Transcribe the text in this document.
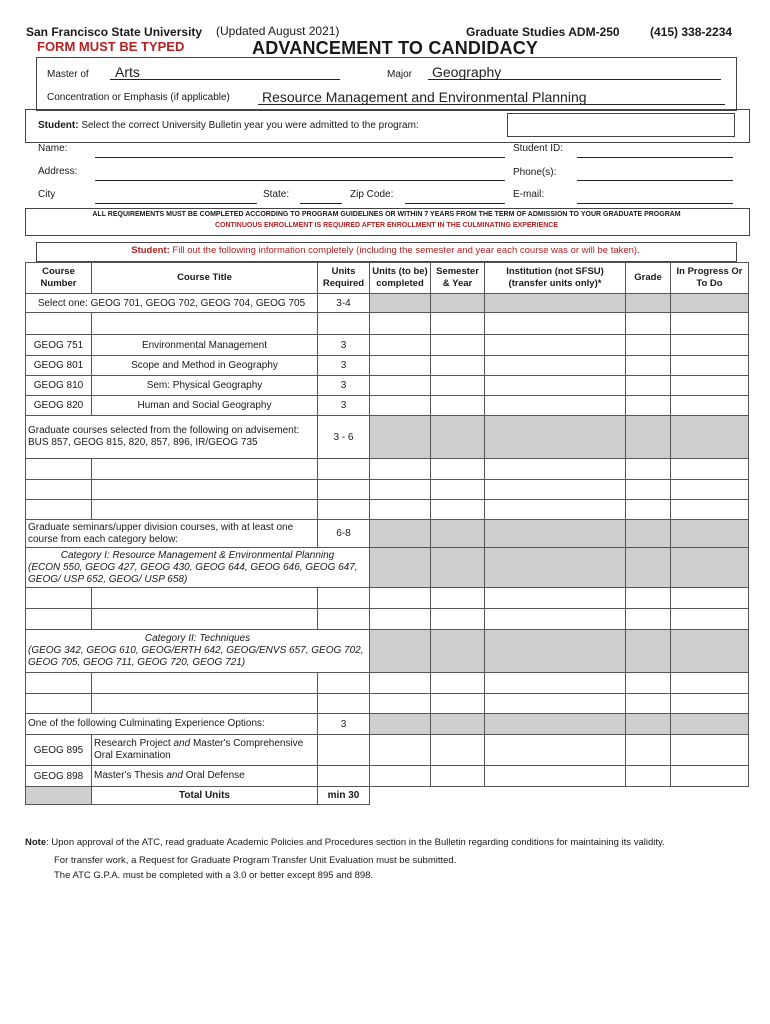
San Francisco State University (Updated August 2021)	Graduate Studies ADM-250	(415) 338-2234
FORM MUST BE TYPED	ADVANCEMENT TO CANDIDACY
Master of Arts	Major Geography
Concentration or Emphasis (if applicable) Resource Management and Environmental Planning
Student: Select the correct University Bulletin year you were admitted to the program:
Name:	Student ID:
Address:	Phone(s):
City	State:	Zip Code:	E-mail:
ALL REQUIREMENTS MUST BE COMPLETED ACCORDING TO PROGRAM GUIDELINES OR WITHIN 7 YEARS FROM THE TERM OF ADMISSION TO YOUR GRADUATE PROGRAM
CONTINUOUS ENROLLMENT IS REQUIRED AFTER ENROLLMENT IN THE CULMINATING EXPERIENCE
Student: Fill out the following information completely (including the semester and year each course was or will be taken).
Course Number	Course Title	Units Required	Units (to be) completed	Semester & Year	Institution (not SFSU) (transfer units only)*	Grade	In Progress Or To Do
Select one: GEOG 701, GEOG 702, GEOG 704, GEOG 705		3-4					

GEOG 751	Environmental Management	3					
GEOG 801	Scope and Method in Geography	3					
GEOG 810	Sem: Physical Geography	3					
GEOG 820	Human and Social Geography	3					
Graduate courses selected from the following on advisement: BUS 857, GEOG 815, 820, 857, 896, IR/GEOG 735		3 - 6					

Graduate seminars/upper division courses, with at least one course from each category below:		6-8					

Category I: Resource Management & Environmental Planning
(ECON 550, GEOG 427, GEOG 430, GEOG 644, GEOG 646, GEOG 647, GEOG/ USP 652, GEOG/ USP 658)							

Category II: Techniques
(GEOG 342, GEOG 610, GEOG/ERTH 642, GEOG/ENVS 657, GEOG 702, GEOG 705, GEOG 711, GEOG 720, GEOG 721)							

One of the following Culminating Experience Options:		3					
GEOG 895	Research Project and Master's Comprehensive Oral Examination						
GEOG 898	Master's Thesis and Oral Defense						
	Total Units	min 30					
Note: Upon approval of the ATC, read graduate Academic Policies and Procedures section in the Bulletin regarding conditions for maintaining its validity.
For transfer work, a Request for Graduate Program Transfer Unit Evaluation must be submitted.
The ATC G.P.A. must be completed with a 3.0 or better except 895 and 898.
